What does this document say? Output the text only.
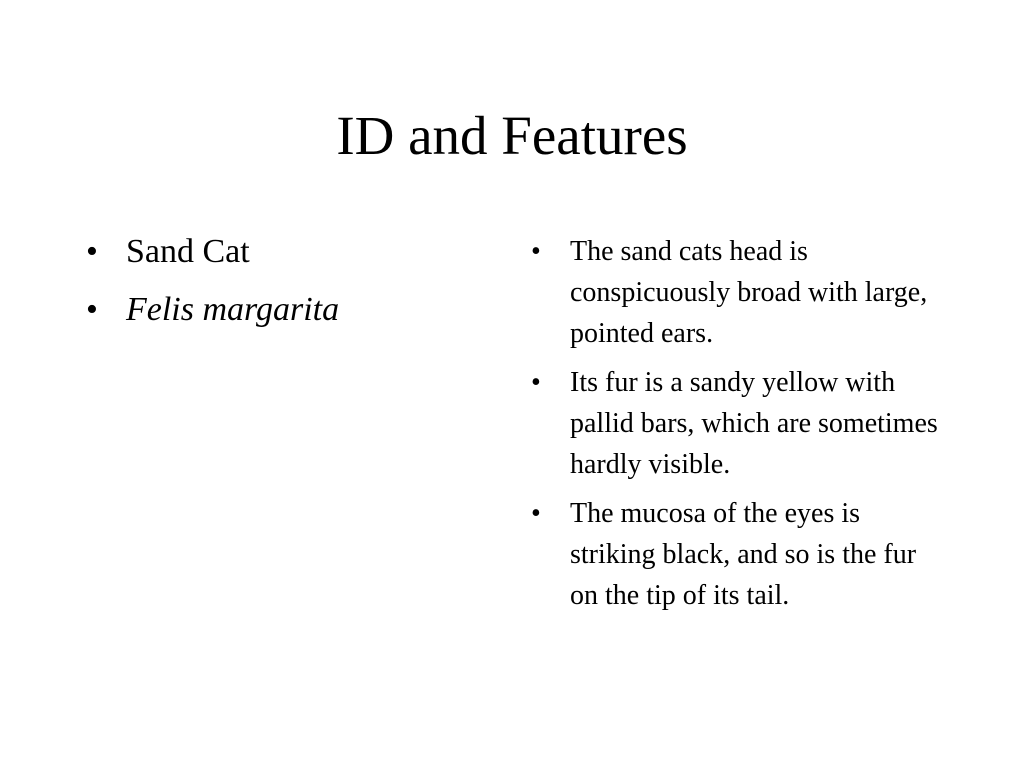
ID and Features
• Sand Cat
• Felis margarita
• The sand cats head is conspicuously broad with large, pointed ears.
• Its fur is a sandy yellow with pallid bars, which are sometimes hardly visible.
• The mucosa of the eyes is striking black, and so is the fur on the tip of its tail.
